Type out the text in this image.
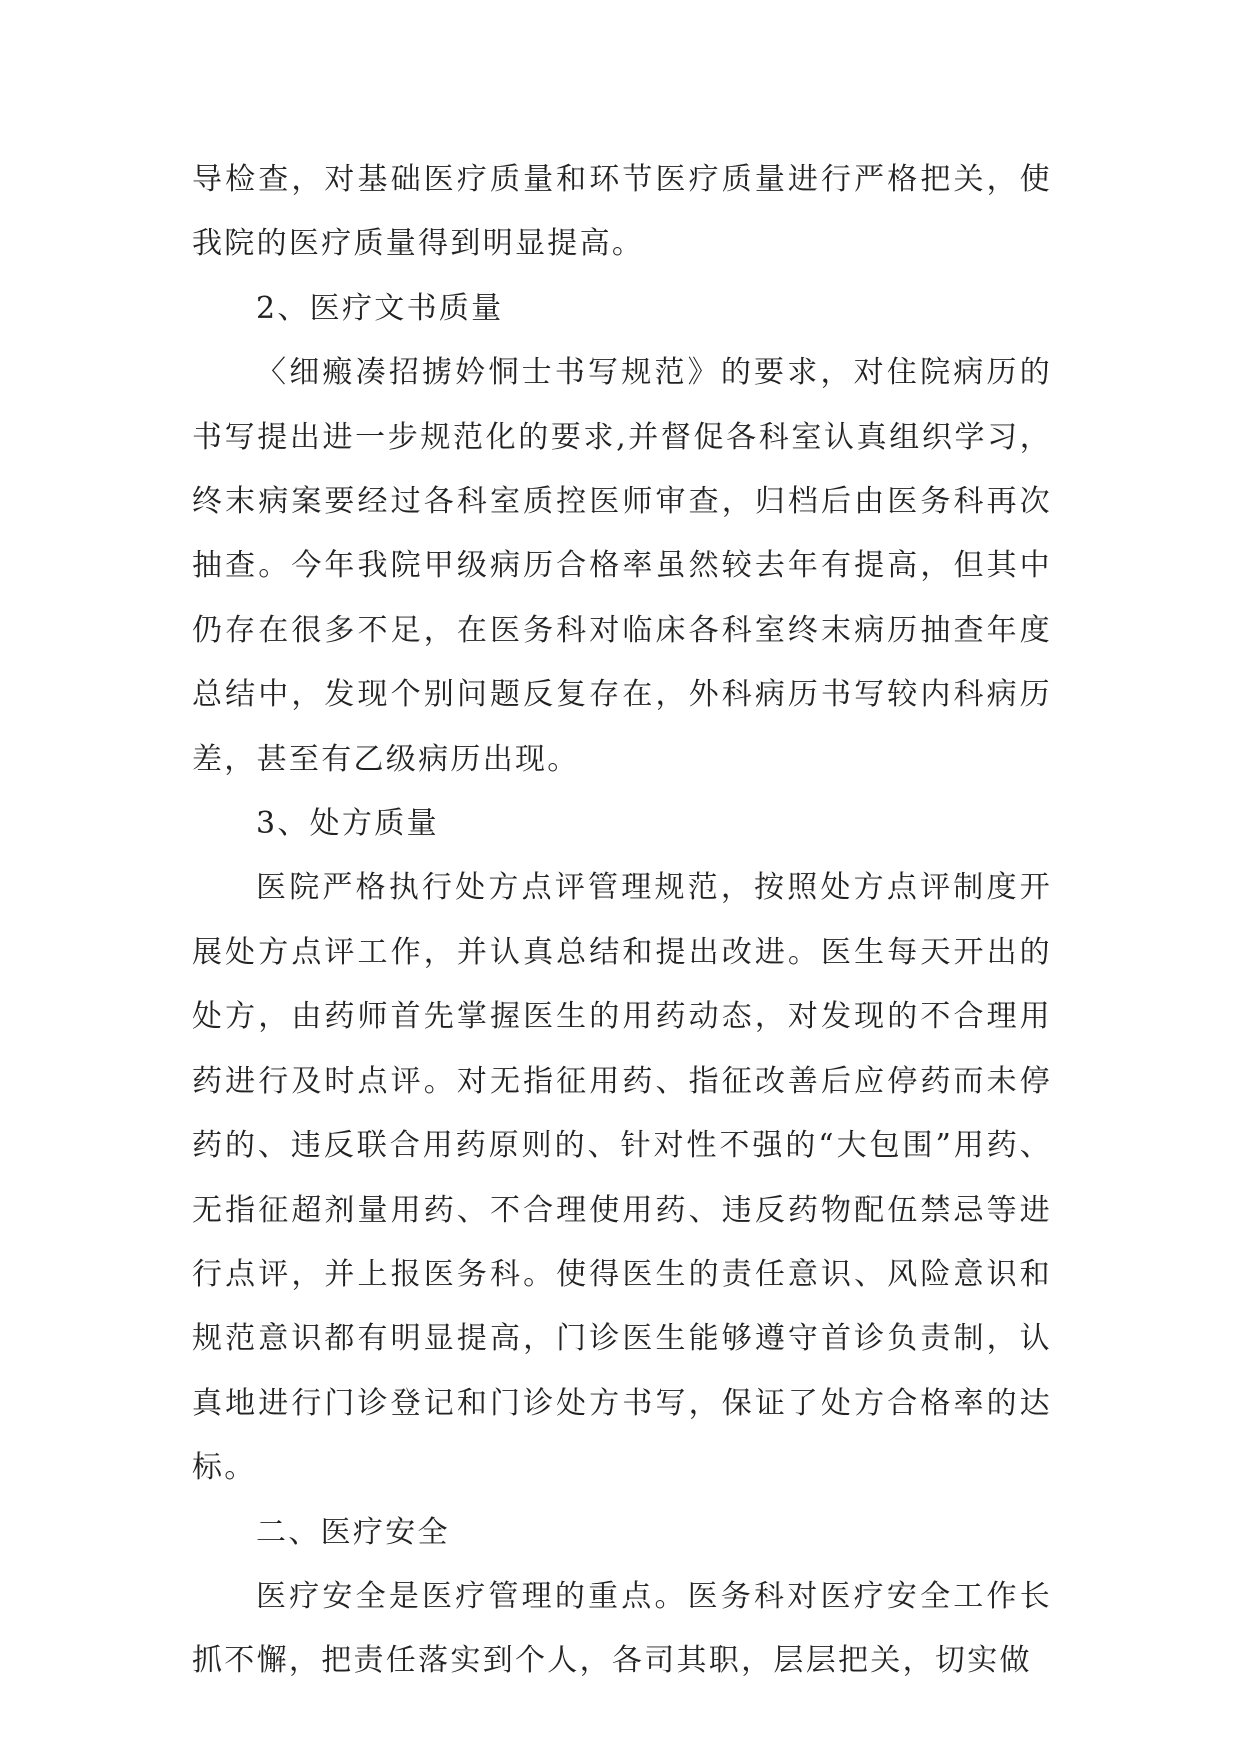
导检查，对基础医疗质量和环节医疗质量进行严格把关，使我院的医疗质量得到明显提高。

2、医疗文书质量

〈细瘢凑招掳妗恫士书写规范》的要求，对住院病历的书写提出进一步规范化的要求,并督促各科室认真组织学习，终末病案要经过各科室质控医师审查，归档后由医务科再次抽查。今年我院甲级病历合格率虽然较去年有提高，但其中仍存在很多不足，在医务科对临床各科室终末病历抽查年度总结中，发现个别问题反复存在，外科病历书写较内科病历差，甚至有乙级病历出现。

3、处方质量

医院严格执行处方点评管理规范，按照处方点评制度开展处方点评工作，并认真总结和提出改进。医生每天开出的处方，由药师首先掌握医生的用药动态，对发现的不合理用药进行及时点评。对无指征用药、指征改善后应停药而未停药的、违反联合用药原则的、针对性不强的“大包围”用药、无指征超剂量用药、不合理使用药、违反药物配伍禁忌等进行点评，并上报医务科。使得医生的责任意识、风险意识和规范意识都有明显提高，门诊医生能够遵守首诊负责制，认真地进行门诊登记和门诊处方书写，保证了处方合格率的达标。

二、医疗安全

医疗安全是医疗管理的重点。医务科对医疗安全工作长抓不懈，把责任落实到个人，各司其职，层层把关，切实做
